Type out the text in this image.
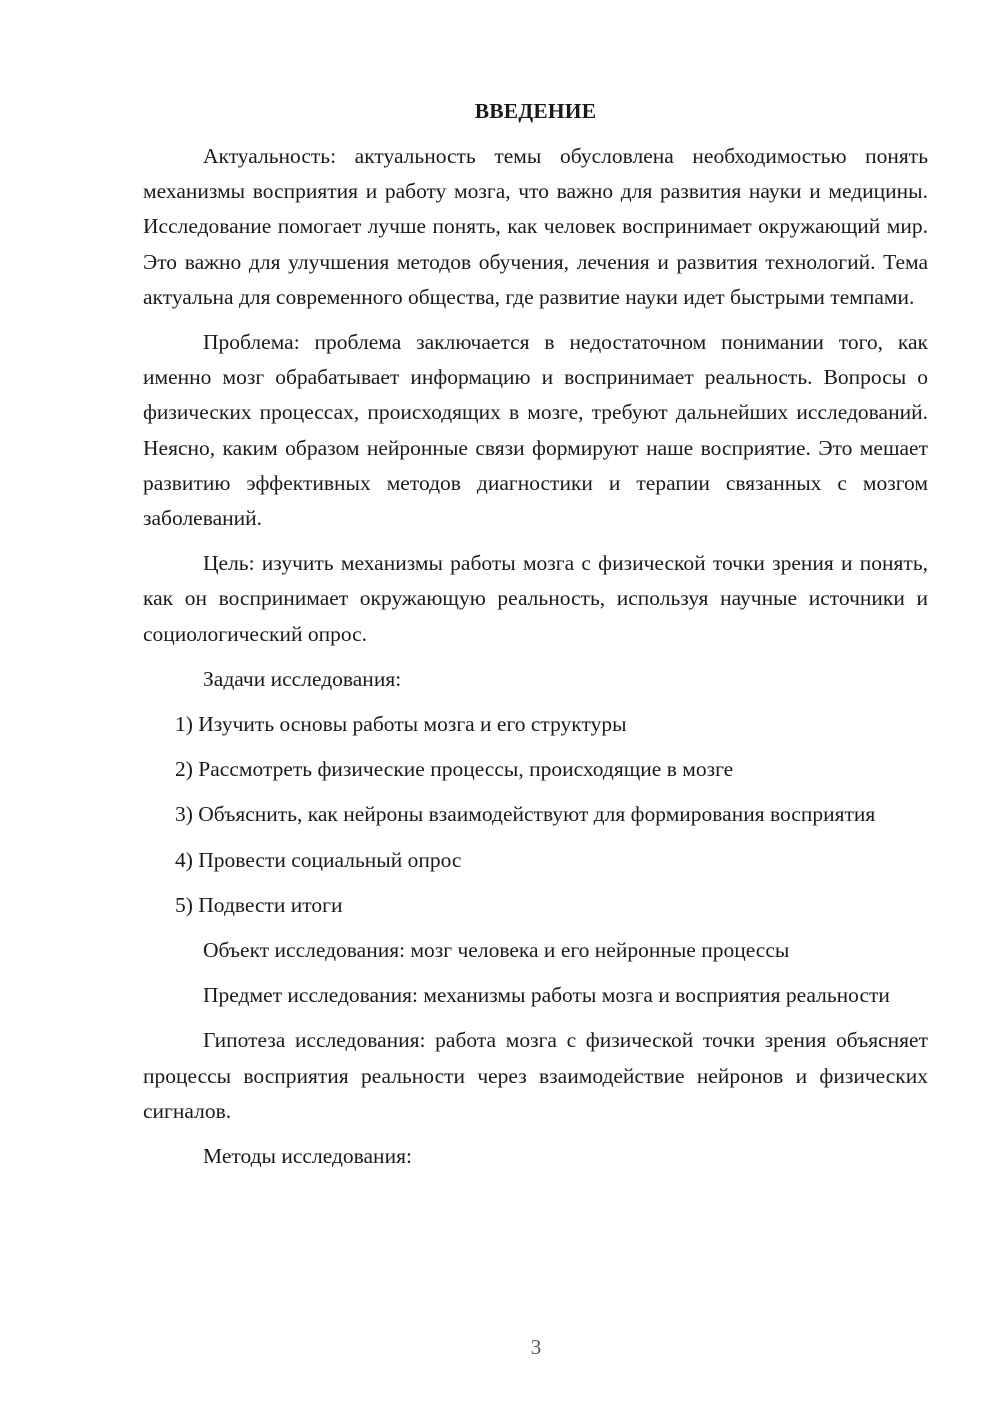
ВВЕДЕНИЕ

Актуальность: актуальность темы обусловлена необходимостью понять механизмы восприятия и работу мозга, что важно для развития науки и медицины. Исследование помогает лучше понять, как человек воспринимает окружающий мир. Это важно для улучшения методов обучения, лечения и развития технологий. Тема актуальна для современного общества, где развитие науки идет быстрыми темпами.

Проблема: проблема заключается в недостаточном понимании того, как именно мозг обрабатывает информацию и воспринимает реальность. Вопросы о физических процессах, происходящих в мозге, требуют дальнейших исследований. Неясно, каким образом нейронные связи формируют наше восприятие. Это мешает развитию эффективных методов диагностики и терапии связанных с мозгом заболеваний.

Цель: изучить механизмы работы мозга с физической точки зрения и понять, как он воспринимает окружающую реальность, используя научные источники и социологический опрос.

Задачи исследования:

1) Изучить основы работы мозга и его структуры

2) Рассмотреть физические процессы, происходящие в мозге

3) Объяснить, как нейроны взаимодействуют для формирования восприятия

4) Провести социальный опрос

5) Подвести итоги

Объект исследования: мозг человека и его нейронные процессы

Предмет исследования: механизмы работы мозга и восприятия реальности

Гипотеза исследования: работа мозга с физической точки зрения объясняет процессы восприятия реальности через взаимодействие нейронов и физических сигналов.

Методы исследования:

3
